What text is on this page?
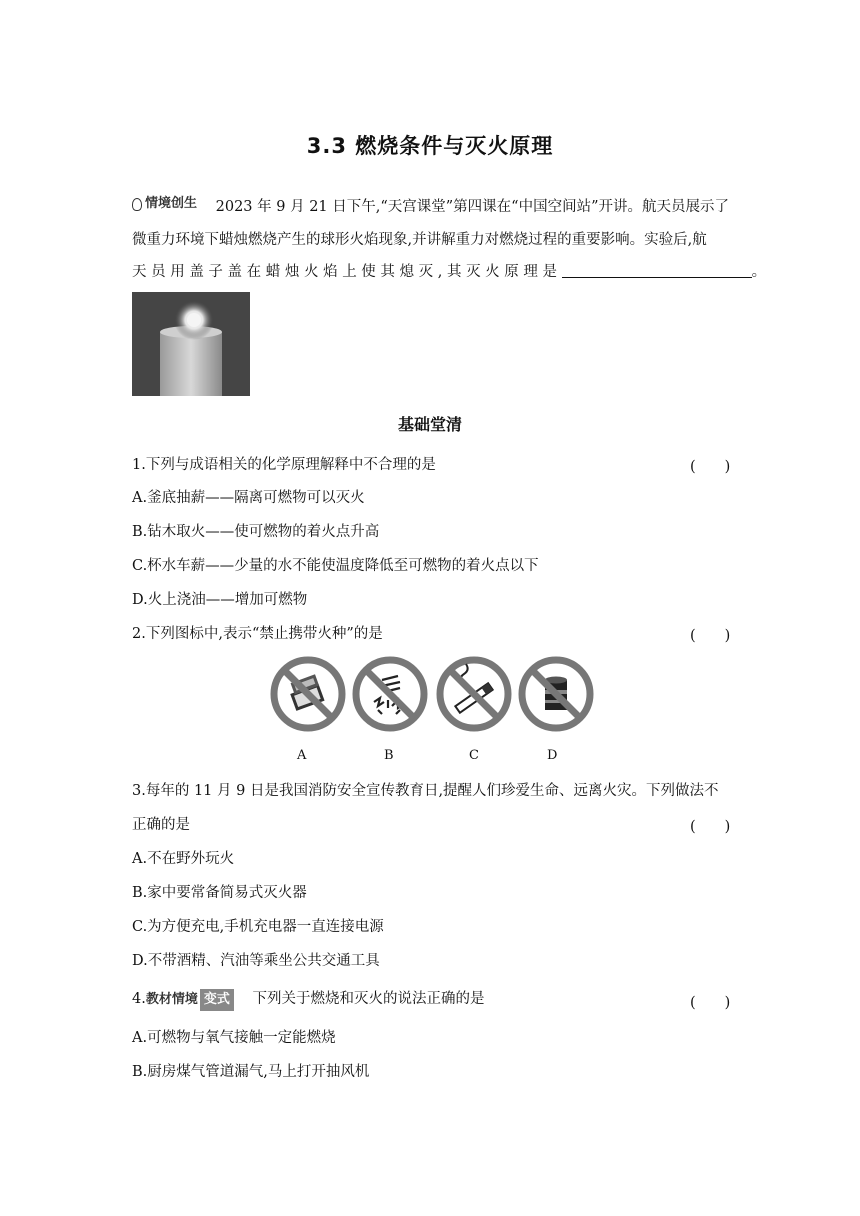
3.3 燃烧条件与灭火原理
情境创生 2023 年 9 月 21 日下午,“天宫课堂”第四课在“中国空间站”开讲。航天员展示了
微重力环境下蜡烛燃烧产生的球形火焰现象,并讲解重力对燃烧过程的重要影响。实验后,航
天 员 用 盖 子 盖 在 蜡 烛 火 焰 上 使 其 熄 灭 , 其 灭 火 原 理 是	。
基础堂清
1.下列与成语相关的化学原理解释中不合理的是	(　　)
A.釜底抽薪——隔离可燃物可以灭火
B.钻木取火——使可燃物的着火点升高
C.杯水车薪——少量的水不能使温度降低至可燃物的着火点以下
D.火上浇油——增加可燃物
2.下列图标中,表示“禁止携带火种”的是	(　　)
A	B	C	D
3.每年的 11 月 9 日是我国消防安全宣传教育日,提醒人们珍爱生命、远离火灾。下列做法不
正确的是	(　　)
A.不在野外玩火
B.家中要常备简易式灭火器
C.为方便充电,手机充电器一直连接电源
D.不带酒精、汽油等乘坐公共交通工具
4.教材情境 变式 下列关于燃烧和灭火的说法正确的是	(　　)
A.可燃物与氧气接触一定能燃烧
B.厨房煤气管道漏气,马上打开抽风机
